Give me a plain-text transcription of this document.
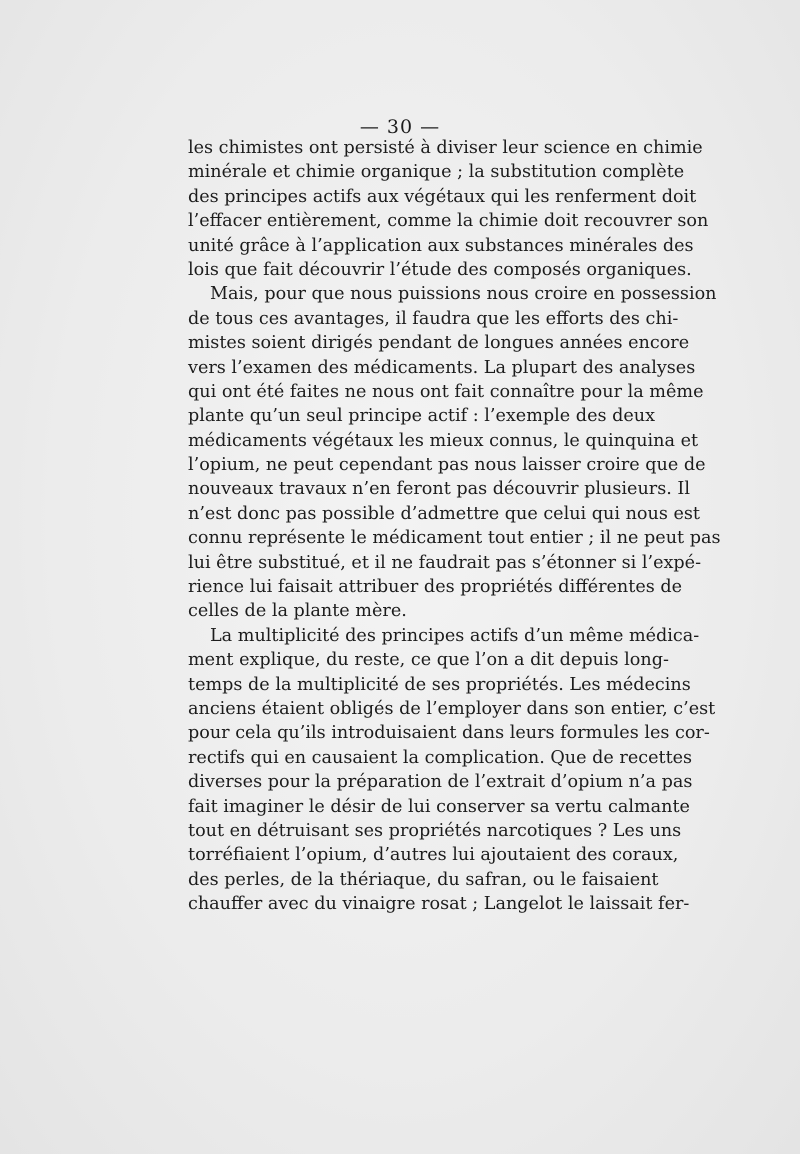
— 30 —
les chimistes ont persisté à diviser leur science en chimie
minérale et chimie organique ; la substitution complète
des principes actifs aux végétaux qui les renferment doit
l’effacer entièrement, comme la chimie doit recouvrer son
unité grâce à l’application aux substances minérales des
lois que fait découvrir l’étude des composés organiques.
Mais, pour que nous puissions nous croire en possession
de tous ces avantages, il faudra que les efforts des chi-
mistes soient dirigés pendant de longues années encore
vers l’examen des médicaments. La plupart des analyses
qui ont été faites ne nous ont fait connaître pour la même
plante qu’un seul principe actif : l’exemple des deux
médicaments végétaux les mieux connus, le quinquina et
l’opium, ne peut cependant pas nous laisser croire que de
nouveaux travaux n’en feront pas découvrir plusieurs. Il
n’est donc pas possible d’admettre que celui qui nous est
connu représente le médicament tout entier ; il ne peut pas
lui être substitué, et il ne faudrait pas s’étonner si l’expé-
rience lui faisait attribuer des propriétés différentes de
celles de la plante mère.
La multiplicité des principes actifs d’un même médica-
ment explique, du reste, ce que l’on a dit depuis long-
temps de la multiplicité de ses propriétés. Les médecins
anciens étaient obligés de l’employer dans son entier, c’est
pour cela qu’ils introduisaient dans leurs formules les cor-
rectifs qui en causaient la complication. Que de recettes
diverses pour la préparation de l’extrait d’opium n’a pas
fait imaginer le désir de lui conserver sa vertu calmante
tout en détruisant ses propriétés narcotiques ? Les uns
torréfiaient l’opium, d’autres lui ajoutaient des coraux,
des perles, de la thériaque, du safran, ou le faisaient
chauffer avec du vinaigre rosat ; Langelot le laissait fer-
